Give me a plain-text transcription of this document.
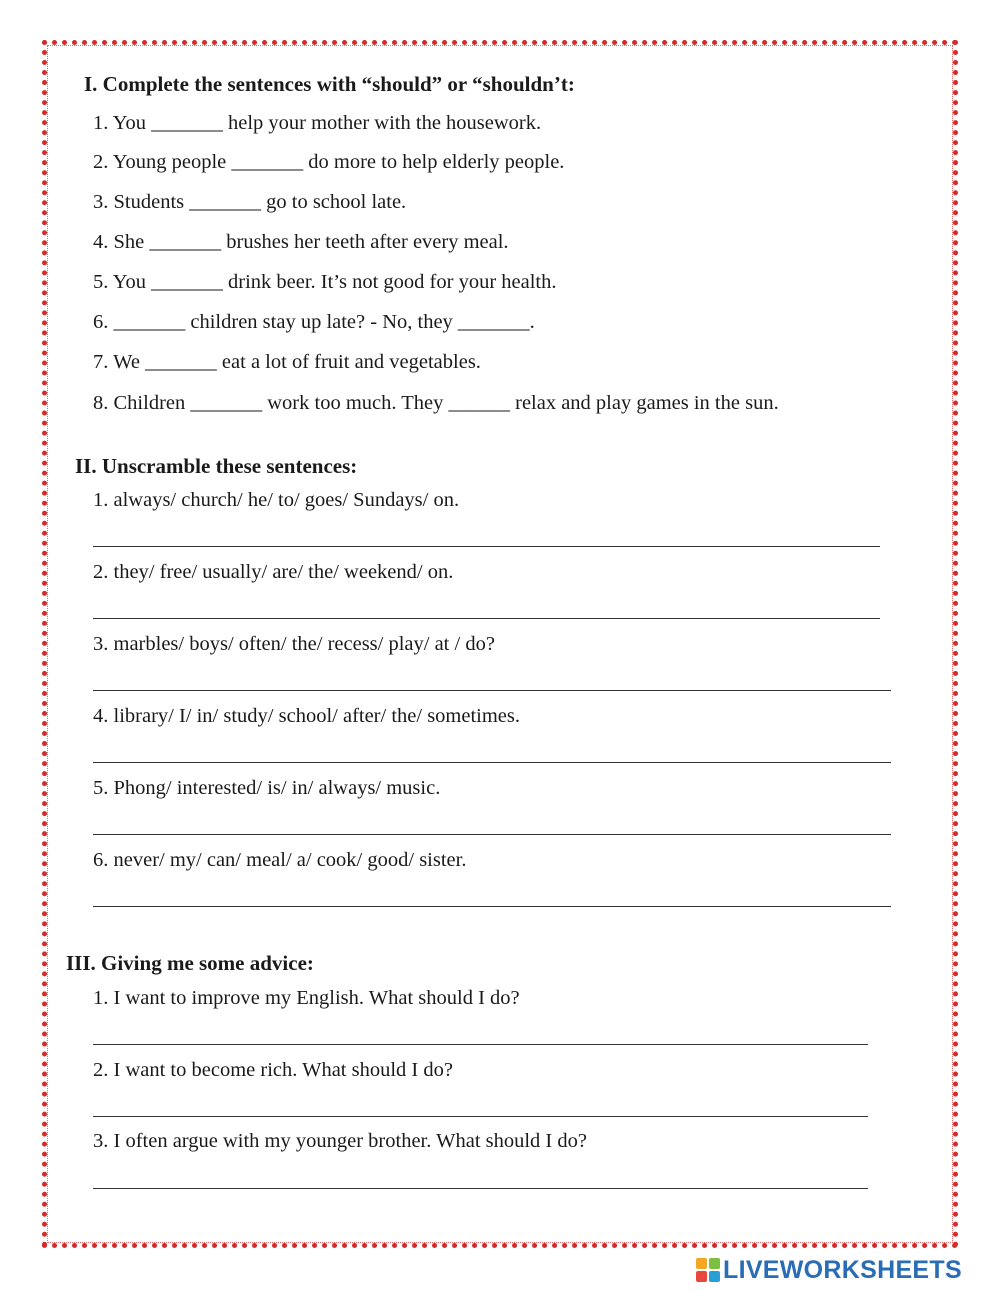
I. Complete the sentences with “should” or “shouldn’t:
1. You _______ help your mother with the housework.
2. Young people _______ do more to help elderly people.
3. Students _______ go to school late.
4. She _______ brushes her teeth after every meal.
5. You _______ drink beer. It’s not good for your health.
6. _______ children stay up late? - No, they _______.
7. We _______ eat a lot of fruit and vegetables.
8. Children _______ work too much. They ______ relax and play games in the sun.
II. Unscramble these sentences:
1. always/ church/ he/ to/ goes/ Sundays/ on.
2. they/ free/ usually/ are/ the/ weekend/ on.
3. marbles/ boys/ often/ the/ recess/ play/ at / do?
4. library/ I/ in/ study/ school/ after/ the/ sometimes.
5. Phong/ interested/ is/ in/ always/ music.
6. never/ my/ can/ meal/ a/ cook/ good/ sister.
III. Giving me some advice:
1. I want to improve my English. What should I do?
2. I want to become rich. What should I do?
3. I often argue with my younger brother. What should I do?
LIVEWORKSHEETS
